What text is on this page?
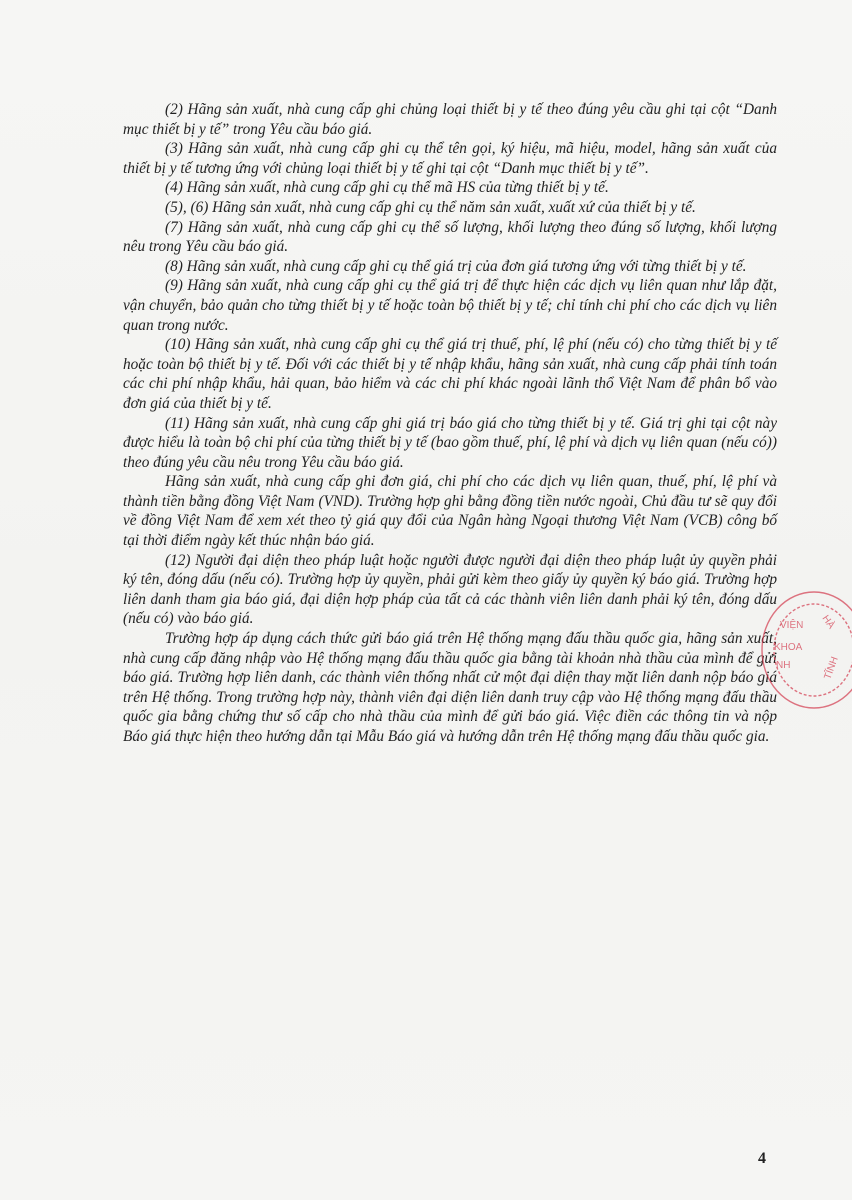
(2) Hãng sản xuất, nhà cung cấp ghi chủng loại thiết bị y tế theo đúng yêu cầu ghi tại cột “Danh mục thiết bị y tế” trong Yêu cầu báo giá.

(3) Hãng sản xuất, nhà cung cấp ghi cụ thể tên gọi, ký hiệu, mã hiệu, model, hãng sản xuất của thiết bị y tế tương ứng với chủng loại thiết bị y tế ghi tại cột “Danh mục thiết bị y tế”.

(4) Hãng sản xuất, nhà cung cấp ghi cụ thể mã HS của từng thiết bị y tế.

(5), (6) Hãng sản xuất, nhà cung cấp ghi cụ thể năm sản xuất, xuất xứ của thiết bị y tế.

(7) Hãng sản xuất, nhà cung cấp ghi cụ thể số lượng, khối lượng theo đúng số lượng, khối lượng nêu trong Yêu cầu báo giá.

(8) Hãng sản xuất, nhà cung cấp ghi cụ thể giá trị của đơn giá tương ứng với từng thiết bị y tế.

(9) Hãng sản xuất, nhà cung cấp ghi cụ thể giá trị để thực hiện các dịch vụ liên quan như lắp đặt, vận chuyển, bảo quản cho từng thiết bị y tế hoặc toàn bộ thiết bị y tế; chỉ tính chi phí cho các dịch vụ liên quan trong nước.

(10) Hãng sản xuất, nhà cung cấp ghi cụ thể giá trị thuế, phí, lệ phí (nếu có) cho từng thiết bị y tế hoặc toàn bộ thiết bị y tế. Đối với các thiết bị y tế nhập khẩu, hãng sản xuất, nhà cung cấp phải tính toán các chi phí nhập khẩu, hải quan, bảo hiểm và các chi phí khác ngoài lãnh thổ Việt Nam để phân bổ vào đơn giá của thiết bị y tế.

(11) Hãng sản xuất, nhà cung cấp ghi giá trị báo giá cho từng thiết bị y tế. Giá trị ghi tại cột này được hiểu là toàn bộ chi phí của từng thiết bị y tế (bao gồm thuế, phí, lệ phí và dịch vụ liên quan (nếu có)) theo đúng yêu cầu nêu trong Yêu cầu báo giá.

Hãng sản xuất, nhà cung cấp ghi đơn giá, chi phí cho các dịch vụ liên quan, thuế, phí, lệ phí và thành tiền bằng đồng Việt Nam (VND). Trường hợp ghi bằng đồng tiền nước ngoài, Chủ đầu tư sẽ quy đổi về đồng Việt Nam để xem xét theo tỷ giá quy đổi của Ngân hàng Ngoại thương Việt Nam (VCB) công bố tại thời điểm ngày kết thúc nhận báo giá.

(12) Người đại diện theo pháp luật hoặc người được người đại diện theo pháp luật ủy quyền phải ký tên, đóng dấu (nếu có). Trường hợp ủy quyền, phải gửi kèm theo giấy ủy quyền ký báo giá. Trường hợp liên danh tham gia báo giá, đại diện hợp pháp của tất cả các thành viên liên danh phải ký tên, đóng dấu (nếu có) vào báo giá.

Trường hợp áp dụng cách thức gửi báo giá trên Hệ thống mạng đấu thầu quốc gia, hãng sản xuất, nhà cung cấp đăng nhập vào Hệ thống mạng đấu thầu quốc gia bằng tài khoản nhà thầu của mình để gửi báo giá. Trường hợp liên danh, các thành viên thống nhất cử một đại diện thay mặt liên danh nộp báo giá trên Hệ thống. Trong trường hợp này, thành viên đại diện liên danh truy cập vào Hệ thống mạng đấu thầu quốc gia bằng chứng thư số cấp cho nhà thầu của mình để gửi báo giá. Việc điền các thông tin và nộp Báo giá thực hiện theo hướng dẫn tại Mẫu Báo giá và hướng dẫn trên Hệ thống mạng đấu thầu quốc gia.

VIỆN HÀ
KHOA
NH	TĨNH
4
